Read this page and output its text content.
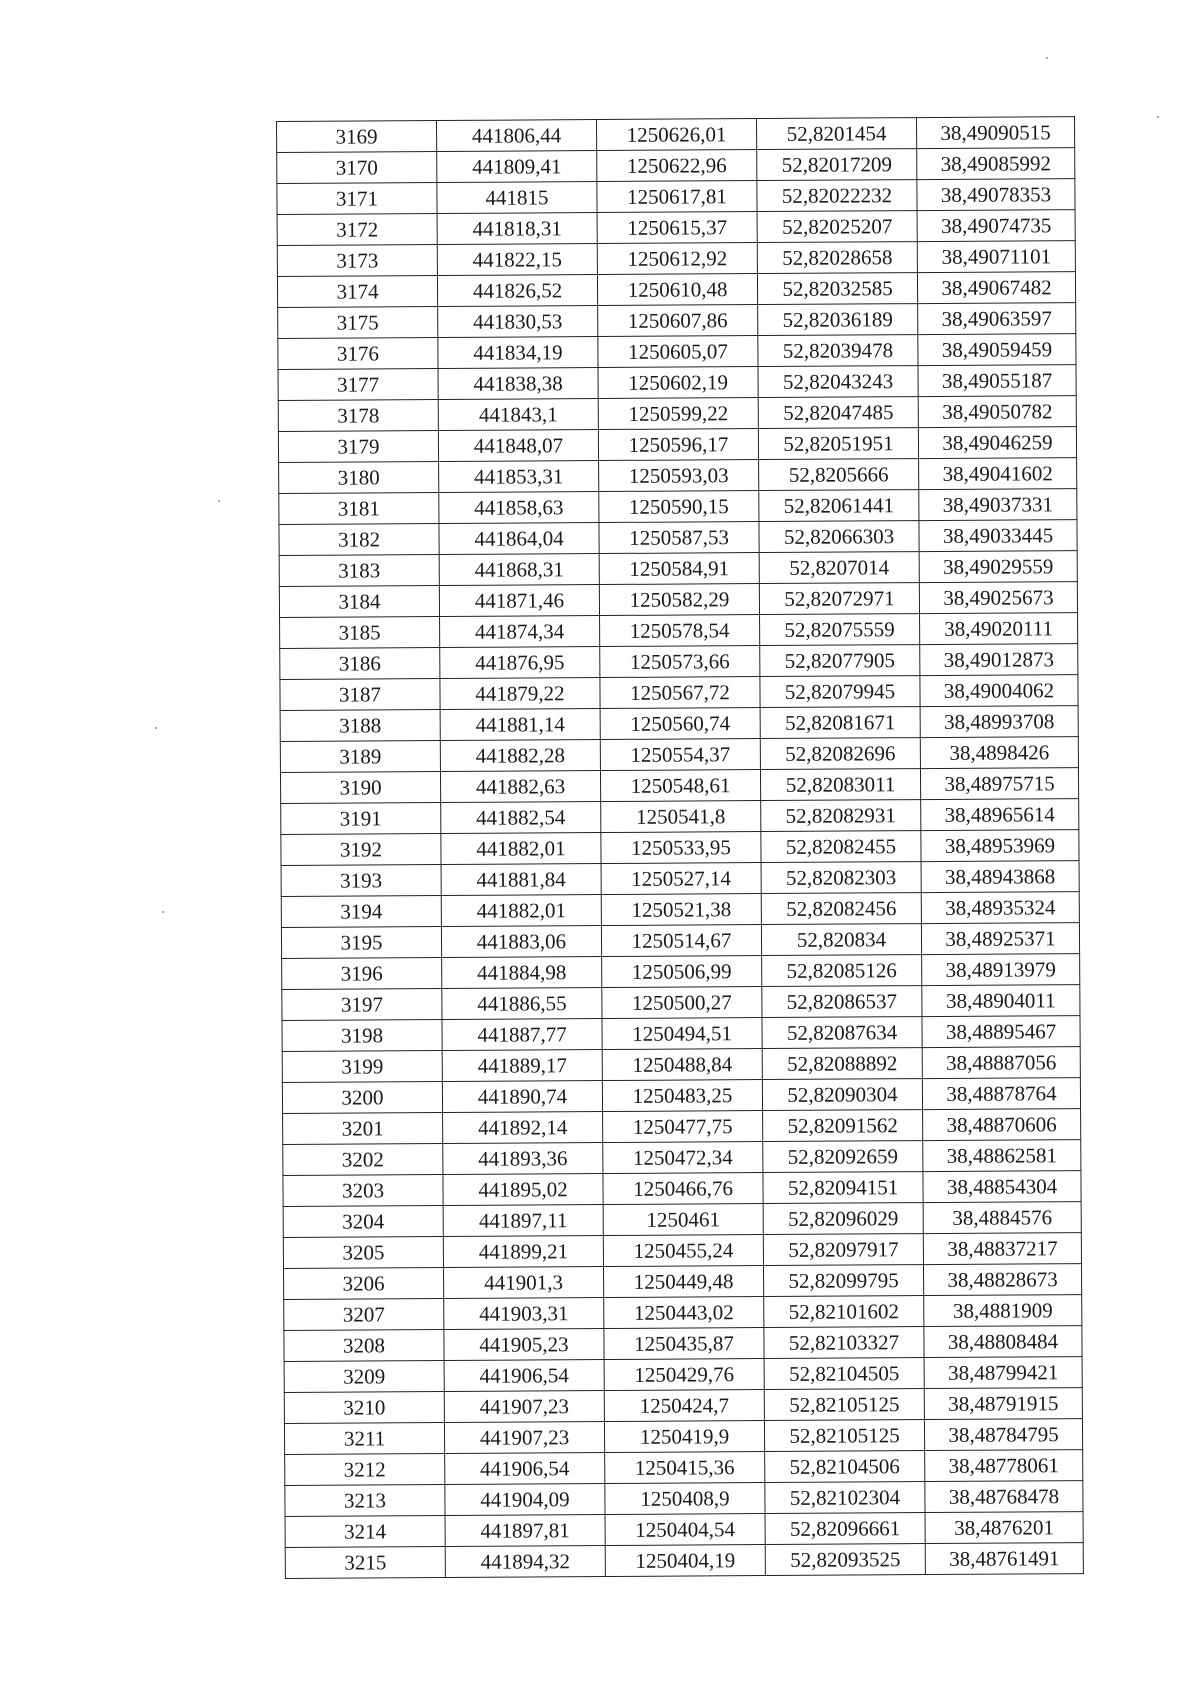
3169	441806,44	1250626,01	52,8201454	38,49090515
3170	441809,41	1250622,96	52,82017209	38,49085992
3171	441815	1250617,81	52,82022232	38,49078353
3172	441818,31	1250615,37	52,82025207	38,49074735
3173	441822,15	1250612,92	52,82028658	38,49071101
3174	441826,52	1250610,48	52,82032585	38,49067482
3175	441830,53	1250607,86	52,82036189	38,49063597
3176	441834,19	1250605,07	52,82039478	38,49059459
3177	441838,38	1250602,19	52,82043243	38,49055187
3178	441843,1	1250599,22	52,82047485	38,49050782
3179	441848,07	1250596,17	52,82051951	38,49046259
3180	441853,31	1250593,03	52,8205666	38,49041602
3181	441858,63	1250590,15	52,82061441	38,49037331
3182	441864,04	1250587,53	52,82066303	38,49033445
3183	441868,31	1250584,91	52,8207014	38,49029559
3184	441871,46	1250582,29	52,82072971	38,49025673
3185	441874,34	1250578,54	52,82075559	38,49020111
3186	441876,95	1250573,66	52,82077905	38,49012873
3187	441879,22	1250567,72	52,82079945	38,49004062
3188	441881,14	1250560,74	52,82081671	38,48993708
3189	441882,28	1250554,37	52,82082696	38,4898426
3190	441882,63	1250548,61	52,82083011	38,48975715
3191	441882,54	1250541,8	52,82082931	38,48965614
3192	441882,01	1250533,95	52,82082455	38,48953969
3193	441881,84	1250527,14	52,82082303	38,48943868
3194	441882,01	1250521,38	52,82082456	38,48935324
3195	441883,06	1250514,67	52,820834	38,48925371
3196	441884,98	1250506,99	52,82085126	38,48913979
3197	441886,55	1250500,27	52,82086537	38,48904011
3198	441887,77	1250494,51	52,82087634	38,48895467
3199	441889,17	1250488,84	52,82088892	38,48887056
3200	441890,74	1250483,25	52,82090304	38,48878764
3201	441892,14	1250477,75	52,82091562	38,48870606
3202	441893,36	1250472,34	52,82092659	38,48862581
3203	441895,02	1250466,76	52,82094151	38,48854304
3204	441897,11	1250461	52,82096029	38,4884576
3205	441899,21	1250455,24	52,82097917	38,48837217
3206	441901,3	1250449,48	52,82099795	38,48828673
3207	441903,31	1250443,02	52,82101602	38,4881909
3208	441905,23	1250435,87	52,82103327	38,48808484
3209	441906,54	1250429,76	52,82104505	38,48799421
3210	441907,23	1250424,7	52,82105125	38,48791915
3211	441907,23	1250419,9	52,82105125	38,48784795
3212	441906,54	1250415,36	52,82104506	38,48778061
3213	441904,09	1250408,9	52,82102304	38,48768478
3214	441897,81	1250404,54	52,82096661	38,4876201
3215	441894,32	1250404,19	52,82093525	38,48761491
